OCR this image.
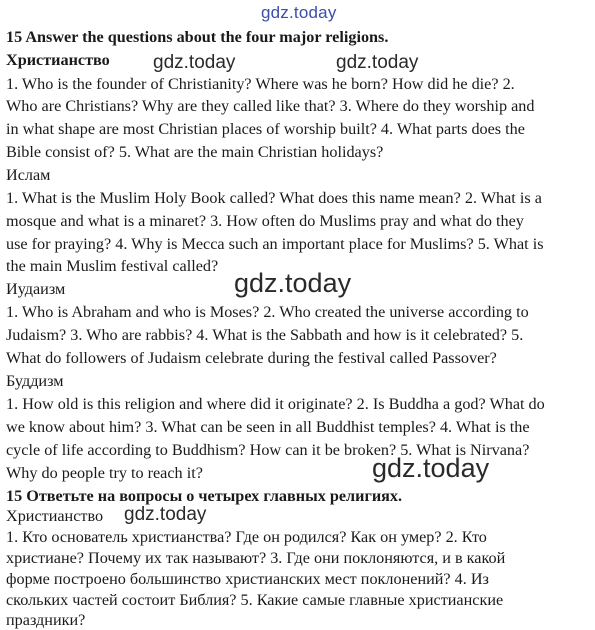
gdz.today
gdz.today	gdz.today
gdz.today
gdz.today
gdz.today
15 Answer the questions about the four major religions.
Христианство
1. Who is the founder of Christianity? Where was he born? How did he die? 2.
Who are Christians? Why are they called like that? 3. Where do they worship and
in what shape are most Christian places of worship built? 4. What parts does the
Bible consist of? 5. What are the main Christian holidays?
Ислам
1. What is the Muslim Holy Book called? What does this name mean? 2. What is a
mosque and what is a minaret? 3. How often do Muslims pray and what do they
use for praying? 4. Why is Mecca such an important place for Muslims? 5. What is
the main Muslim festival called?
Иудаизм
1. Who is Abraham and who is Moses? 2. Who created the universe according to
Judaism? 3. Who are rabbis? 4. What is the Sabbath and how is it celebrated? 5.
What do followers of Judaism celebrate during the festival called Passover?
Буддизм
1. How old is this religion and where did it originate? 2. Is Buddha a god? What do
we know about him? 3. What can be seen in all Buddhist temples? 4. What is the
cycle of life according to Buddhism? How can it be broken? 5. What is Nirvana?
Why do people try to reach it?
15 Ответьте на вопросы о четырех главных религиях.
Христианство
1. Кто основатель христианства? Где он родился? Как он умер? 2. Кто
христиане? Почему их так называют? 3. Где они поклоняются, и в какой
форме построено большинство христианских мест поклонений? 4. Из
скольких частей состоит Библия? 5. Какие самые главные христианские
праздники?
